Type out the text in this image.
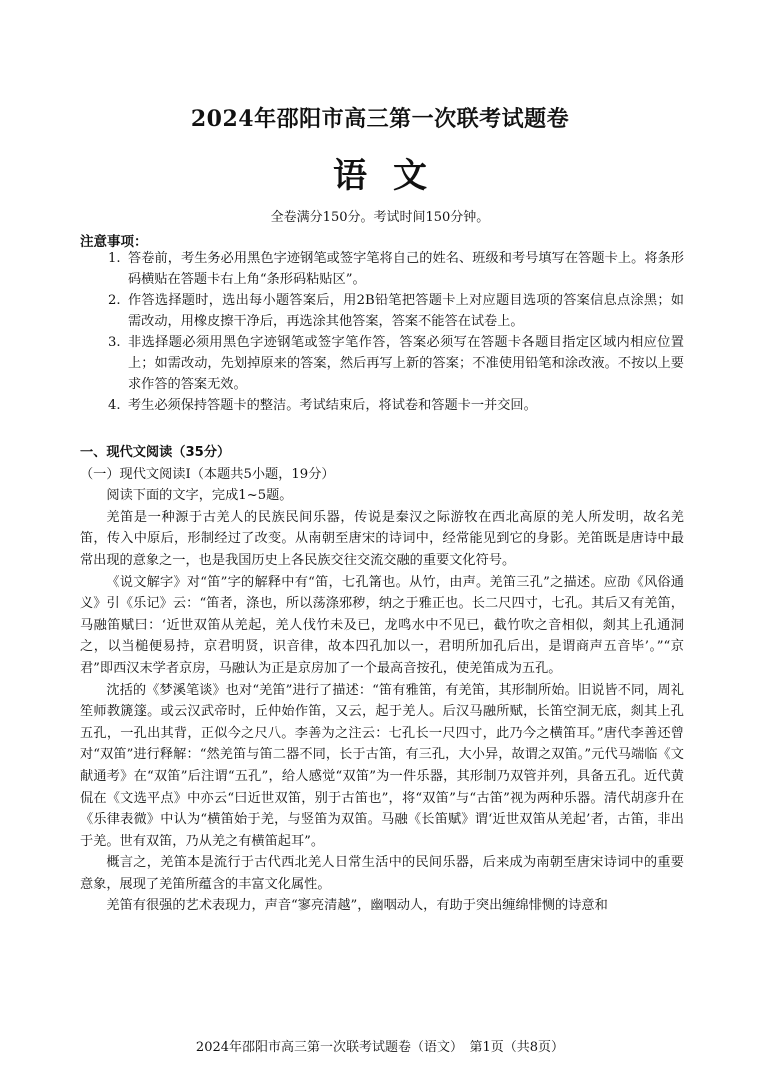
2024年邵阳市高三第一次联考试题卷
语文
全卷满分150分。考试时间150分钟。
注意事项：
1. 答卷前，考生务必用黑色字迹钢笔或签字笔将自己的姓名、班级和考号填写在答题卡上。将条形码横贴在答题卡右上角“条形码粘贴区”。
2. 作答选择题时，选出每小题答案后，用2B铅笔把答题卡上对应题目选项的答案信息点涂黑；如需改动，用橡皮擦干净后，再选涂其他答案，答案不能答在试卷上。
3. 非选择题必须用黑色字迹钢笔或签字笔作答，答案必须写在答题卡各题目指定区域内相应位置上；如需改动，先划掉原来的答案，然后再写上新的答案；不准使用铅笔和涂改液。不按以上要求作答的答案无效。
4. 考生必须保持答题卡的整洁。考试结束后，将试卷和答题卡一并交回。
一、现代文阅读（35分）
（一）现代文阅读Ⅰ（本题共5小题，19分）
阅读下面的文字，完成1~5题。

羌笛是一种源于古羌人的民族民间乐器，传说是秦汉之际游牧在西北高原的羌人所发明，故名羌笛，传入中原后，形制经过了改变。从南朝至唐宋的诗词中，经常能见到它的身影。羌笛既是唐诗中最常出现的意象之一，也是我国历史上各民族交往交流交融的重要文化符号。

《说文解字》对“笛”字的解释中有“笛，七孔筩也。从竹，由声。羌笛三孔”之描述。应劭《风俗通义》引《乐记》云：“笛者，涤也，所以荡涤邪秽，纳之于雅正也。长二尺四寸，七孔。其后又有羌笛，马融笛赋曰：‘近世双笛从羌起，羌人伐竹未及已，龙鸣水中不见已，截竹吹之音相似，剡其上孔通洞之，以当槌便易持，京君明贤，识音律，故本四孔加以一，君明所加孔后出，是谓商声五音毕’。”“京君”即西汉末学者京房，马融认为正是京房加了一个最高音按孔，使羌笛成为五孔。

沈括的《梦溪笔谈》也对“羌笛”进行了描述：“笛有雅笛，有羌笛，其形制所始。旧说皆不同，周礼笙师教篪篴。或云汉武帝时，丘仲始作笛，又云，起于羌人。后汉马融所赋，长笛空洞无底，剡其上孔五孔，一孔出其背，正似今之尺八。李善为之注云：七孔长一尺四寸，此乃今之横笛耳。”唐代李善还曾对“双笛”进行释解：“然羌笛与笛二器不同，长于古笛，有三孔，大小异，故谓之双笛。”元代马端临《文献通考》在“双笛”后注谓“五孔”，给人感觉“双笛”为一件乐器，其形制乃双管并列，具备五孔。近代黄侃在《文选平点》中亦云“曰近世双笛，别于古笛也”，将“双笛”与“古笛”视为两种乐器。清代胡彦升在《乐律表微》中认为“横笛始于羌，与竖笛为双笛。马融《长笛赋》谓‘近世双笛从羌起’者，古笛，非出于羌。世有双笛，乃从羌之有横笛起耳”。

概言之，羌笛本是流行于古代西北羌人日常生活中的民间乐器，后来成为南朝至唐宋诗词中的重要意象，展现了羌笛所蕴含的丰富文化属性。

羌笛有很强的艺术表现力，声音“寥亮清越”，幽咽动人，有助于突出缠绵悱恻的诗意和

2024年邵阳市高三第一次联考试题卷（语文）　第1页（共8页）
